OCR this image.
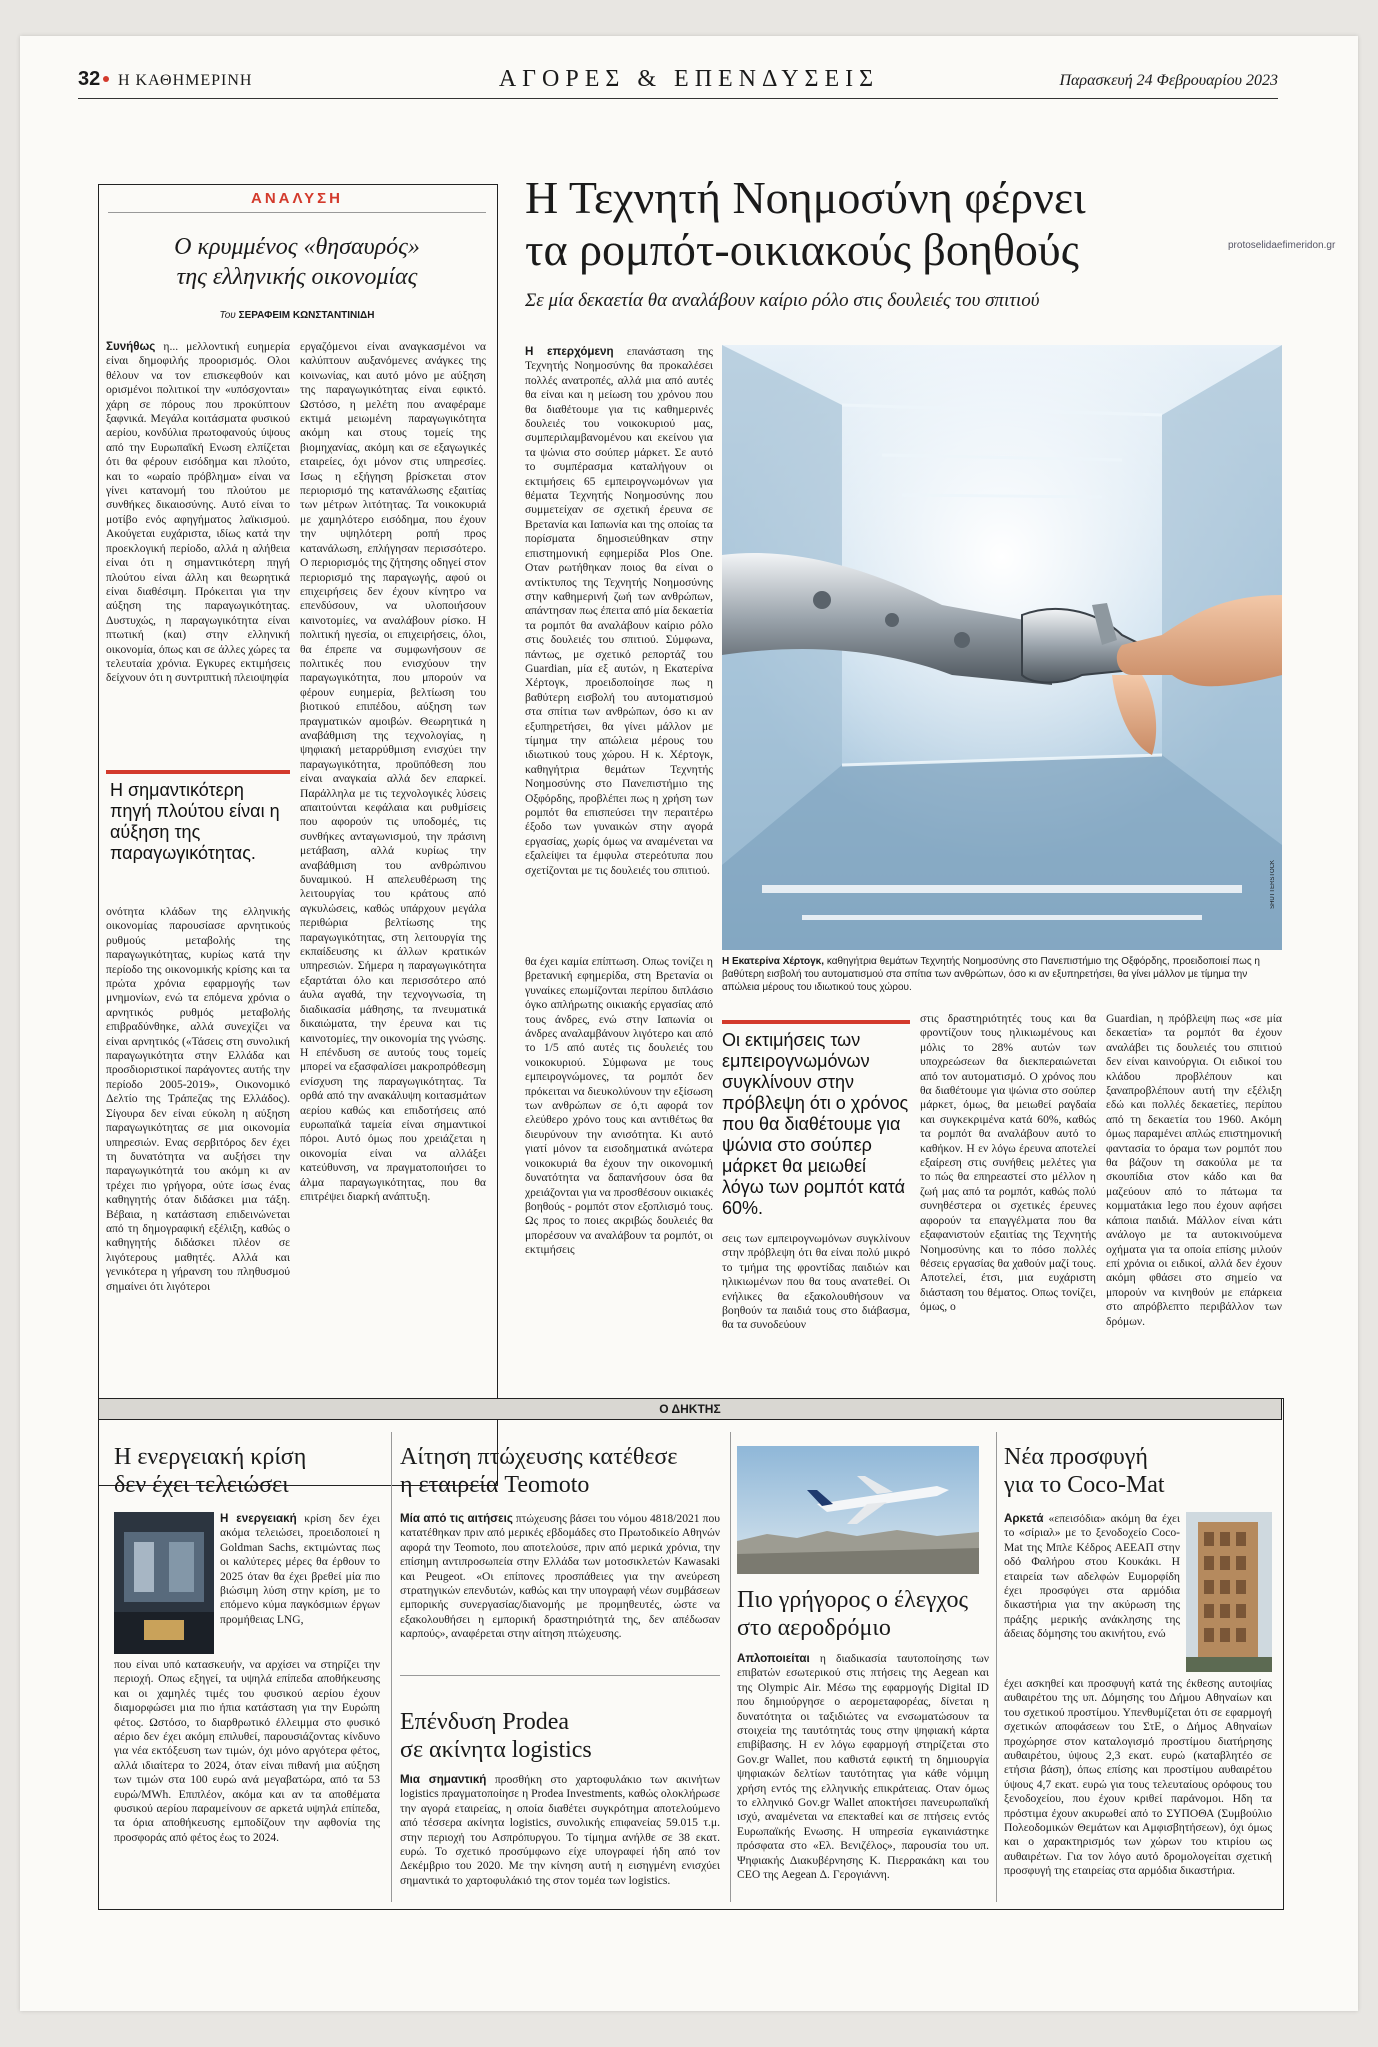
32 Η ΚΑΘΗΜΕΡΙΝΗ	ΑΓΟΡΕΣ & ΕΠΕΝΔΥΣΕΙΣ	Παρασκευή 24 Φεβρουαρίου 2023
ΑΝΑΛΥΣΗ
Ο κρυμμένος «θησαυρός»
της ελληνικής οικονομίας
Του ΣΕΡΑΦΕΙΜ ΚΩΝΣΤΑΝΤΙΝΙΔΗ
Συνήθως η... μελλοντική ευημερία είναι δημοφιλής προορισμός. Ολοι θέλουν να τον επισκεφθούν και ορισμένοι πολιτικοί την «υπόσχονται» χάρη σε πόρους που προκύπτουν ξαφνικά. Μεγάλα κοιτάσματα φυσικού αερίου, κονδύλια πρωτοφανούς ύψους από την Ευρωπαϊκή Ενωση ελπίζεται ότι θα φέρουν εισόδημα και πλούτο, και το «ωραίο πρόβλημα» είναι να γίνει κατανομή του πλούτου με συνθήκες δικαιοσύνης. Αυτό είναι το μοτίβο ενός αφηγήματος λαϊκισμού. Ακούγεται ευχάριστα, ιδίως κατά την προεκλογική περίοδο, αλλά η αλήθεια είναι ότι η σημαντικότερη πηγή πλούτου είναι άλλη και θεωρητικά είναι διαθέσιμη. Πρόκειται για την αύξηση της παραγωγικότητας. Δυστυχώς, η παραγωγικότητα είναι πτωτική (και) στην ελληνική οικονομία, όπως και σε άλλες χώρες τα τελευταία χρόνια. Εγκυρες εκτιμήσεις δείχνουν ότι η συντριπτική πλειοψηφία
Η σημαντικότερη πηγή πλούτου είναι η αύξηση της παραγωγικότητας.
ονότητα κλάδων της ελληνικής οικονομίας παρουσίασε αρνητικούς ρυθμούς μεταβολής της παραγωγικότητας, κυρίως κατά την περίοδο της οικονομικής κρίσης και τα πρώτα χρόνια εφαρμογής των μνημονίων, ενώ τα επόμενα χρόνια ο αρνητικός ρυθμός μεταβολής επιβραδύνθηκε, αλλά συνεχίζει να είναι αρνητικός («Τάσεις στη συνολική παραγωγικότητα στην Ελλάδα και προσδιοριστικοί παράγοντες αυτής την περίοδο 2005-2019», Οικονομικό Δελτίο της Τράπεζας της Ελλάδος). Σίγουρα δεν είναι εύκολη η αύξηση παραγωγικότητας σε μια οικονομία υπηρεσιών. Ενας σερβιτόρος δεν έχει τη δυνατότητα να αυξήσει την παραγωγικότητά του ακόμη κι αν τρέχει πιο γρήγορα, ούτε ίσως ένας καθηγητής όταν διδάσκει μια τάξη. Βέβαια, η κατάσταση επιδεινώνεται από τη δημογραφική εξέλιξη, καθώς ο καθηγητής διδάσκει πλέον σε λιγότερους μαθητές. Αλλά και γενικότερα η γήρανση του πληθυσμού σημαίνει ότι λιγότεροι
εργαζόμενοι είναι αναγκασμένοι να καλύπτουν αυξανόμενες ανάγκες της κοινωνίας, και αυτό μόνο με αύξηση της παραγωγικότητας είναι εφικτό. Ωστόσο, η μελέτη που αναφέραμε εκτιμά μειωμένη παραγωγικότητα ακόμη και στους τομείς της βιομηχανίας, ακόμη και σε εξαγωγικές εταιρείες, όχι μόνον στις υπηρεσίες. Ισως η εξήγηση βρίσκεται στον περιορισμό της κατανάλωσης εξαιτίας των μέτρων λιτότητας. Τα νοικοκυριά με χαμηλότερο εισόδημα, που έχουν την υψηλότερη ροπή προς κατανάλωση, επλήγησαν περισσότερο. Ο περιορισμός της ζήτησης οδηγεί στον περιορισμό της παραγωγής, αφού οι επιχειρήσεις δεν έχουν κίνητρο να επενδύσουν, να υλοποιήσουν καινοτομίες, να αναλάβουν ρίσκο. Η πολιτική ηγεσία, οι επιχειρήσεις, όλοι, θα έπρεπε να συμφωνήσουν σε πολιτικές που ενισχύουν την παραγωγικότητα, που μπορούν να φέρουν ευημερία, βελτίωση του βιοτικού επιπέδου, αύξηση των πραγματικών αμοιβών. Θεωρητικά η αναβάθμιση της τεχνολογίας, η ψηφιακή μεταρρύθμιση ενισχύει την παραγωγικότητα, προϋπόθεση που είναι αναγκαία αλλά δεν επαρκεί. Παράλληλα με τις τεχνολογικές λύσεις απαιτούνται κεφάλαια και ρυθμίσεις που αφορούν τις υποδομές, τις συνθήκες ανταγωνισμού, την πράσινη μετάβαση, αλλά κυρίως την αναβάθμιση του ανθρώπινου δυναμικού. Η απελευθέρωση της λειτουργίας του κράτους από αγκυλώσεις, καθώς υπάρχουν μεγάλα περιθώρια βελτίωσης της παραγωγικότητας, στη λειτουργία της εκπαίδευσης κι άλλων κρατικών υπηρεσιών. Σήμερα η παραγωγικότητα εξαρτάται όλο και περισσότερο από άυλα αγαθά, την τεχνογνωσία, τη διαδικασία μάθησης, τα πνευματικά δικαιώματα, την έρευνα και τις καινοτομίες, την οικονομία της γνώσης. Η επένδυση σε αυτούς τους τομείς μπορεί να εξασφαλίσει μακροπρόθεσμη ενίσχυση της παραγωγικότητας. Τα ορθά από την ανακάλυψη κοιτασμάτων αερίου καθώς και επιδοτήσεις από ευρωπαϊκά ταμεία είναι σημαντικοί πόροι. Αυτό όμως που χρειάζεται η οικονομία είναι να αλλάξει κατεύθυνση, να πραγματοποιήσει το άλμα παραγωγικότητας, που θα επιτρέψει διαρκή ανάπτυξη.
Η Τεχνητή Νοημοσύνη φέρνει
τα ρομπότ-οικιακούς βοηθούς	protoselidaefimeridon.gr
Σε μία δεκαετία θα αναλάβουν καίριο ρόλο στις δουλειές του σπιτιού
Η επερχόμενη επανάσταση της Τεχνητής Νοημοσύνης θα προκαλέσει πολλές ανατροπές, αλλά μια από αυτές θα είναι και η μείωση του χρόνου που θα διαθέτουμε για τις καθημερινές δουλειές του νοικοκυριού μας, συμπεριλαμβανομένου και εκείνου για τα ψώνια στο σούπερ μάρκετ. Σε αυτό το συμπέρασμα καταλήγουν οι εκτιμήσεις 65 εμπειρογνωμόνων για θέματα Τεχνητής Νοημοσύνης που συμμετείχαν σε σχετική έρευνα σε Βρετανία και Ιαπωνία και της οποίας τα πορίσματα δημοσιεύθηκαν στην επιστημονική εφημερίδα Plos One. Οταν ρωτήθηκαν ποιος θα είναι ο αντίκτυπος της Τεχνητής Νοημοσύνης στην καθημερινή ζωή των ανθρώπων, απάντησαν πως έπειτα από μία δεκαετία τα ρομπότ θα αναλάβουν καίριο ρόλο στις δουλειές του σπιτιού. Σύμφωνα, πάντως, με σχετικό ρεπορτάζ του Guardian, μία εξ αυτών, η Εκατερίνα Χέρτογκ, προειδοποίησε πως η βαθύτερη εισβολή του αυτοματισμού στα σπίτια των ανθρώπων, όσο κι αν εξυπηρετήσει, θα γίνει μάλλον με τίμημα την απώλεια μέρους του ιδιωτικού τους χώρου. Η κ. Χέρτογκ, καθηγήτρια θεμάτων Τεχνητής Νοημοσύνης στο Πανεπιστήμιο της Οξφόρδης, προβλέπει πως η χρήση των ρομπότ θα επισπεύσει την περαιτέρω έξοδο των γυναικών στην αγορά εργασίας, χωρίς όμως να αναμένεται να εξαλείψει τα έμφυλα στερεότυπα που σχετίζονται με τις δουλειές του σπιτιού.
θα έχει καμία επίπτωση. Οπως τονίζει η βρετανική εφημερίδα, στη Βρετανία οι γυναίκες επωμίζονται περίπου διπλάσιο όγκο απλήρωτης οικιακής εργασίας από τους άνδρες, ενώ στην Ιαπωνία οι άνδρες αναλαμβάνουν λιγότερο και από το 1/5 από αυτές τις δουλειές του νοικοκυριού. Σύμφωνα με τους εμπειρογνώμονες, τα ρομπότ δεν πρόκειται να διευκολύνουν την εξίσωση των ανθρώπων σε ό,τι αφορά τον ελεύθερο χρόνο τους και αντιθέτως θα διευρύνουν την ανισότητα. Κι αυτό γιατί μόνον τα εισοδηματικά ανώτερα νοικοκυριά θα έχουν την οικονομική δυνατότητα να δαπανήσουν όσα θα χρειάζονται για να προσθέσουν οικιακές βοηθούς - ρομπότ στον εξοπλισμό τους. Ως προς το ποιες ακριβώς δουλειές θα μπορέσουν να αναλάβουν τα ρομπότ, οι εκτιμήσεις
SHUTTERSTOCK
Η Εκατερίνα Χέρτογκ, καθηγήτρια θεμάτων Τεχνητής Νοημοσύνης στο Πανεπιστήμιο της Οξφόρδης, προειδοποιεί πως η βαθύτερη εισβολή του αυτοματισμού στα σπίτια των ανθρώπων, όσο κι αν εξυπηρετήσει, θα γίνει μάλλον με τίμημα την απώλεια μέρους του ιδιωτικού τους χώρου.
Οι εκτιμήσεις των εμπειρογνωμόνων συγκλίνουν στην πρόβλεψη ότι ο χρόνος που θα διαθέτουμε για ψώνια στο σούπερ μάρκετ θα μειωθεί λόγω των ρομπότ κατά 60%.
σεις των εμπειρογνωμόνων συγκλίνουν στην πρόβλεψη ότι θα είναι πολύ μικρό το τμήμα της φροντίδας παιδιών και ηλικιωμένων που θα τους ανατεθεί. Οι ενήλικες θα εξακολουθήσουν να βοηθούν τα παιδιά τους στο διάβασμα, θα τα συνοδεύουν
στις δραστηριότητές τους και θα φροντίζουν τους ηλικιωμένους και μόλις το 28% αυτών των υποχρεώσεων θα διεκπεραιώνεται από τον αυτοματισμό. Ο χρόνος που θα διαθέτουμε για ψώνια στο σούπερ μάρκετ, όμως, θα μειωθεί ραγδαία και συγκεκριμένα κατά 60%, καθώς τα ρομπότ θα αναλάβουν αυτό το καθήκον. Η εν λόγω έρευνα αποτελεί εξαίρεση στις συνήθεις μελέτες για το πώς θα επηρεαστεί στο μέλλον η ζωή μας από τα ρομπότ, καθώς πολύ συνηθέστερα οι σχετικές έρευνες αφορούν τα επαγγέλματα που θα εξαφανιστούν εξαιτίας της Τεχνητής Νοημοσύνης και το πόσο πολλές θέσεις εργασίας θα χαθούν μαζί τους. Αποτελεί, έτσι, μια ευχάριστη διάσταση του θέματος. Οπως τονίζει, όμως, ο
Guardian, η πρόβλεψη πως «σε μία δεκαετία» τα ρομπότ θα έχουν αναλάβει τις δουλειές του σπιτιού δεν είναι καινούργια. Οι ειδικοί του κλάδου προβλέπουν και ξαναπροβλέπουν αυτή την εξέλιξη εδώ και πολλές δεκαετίες, περίπου από τη δεκαετία του 1960. Ακόμη όμως παραμένει απλώς επιστημονική φαντασία το όραμα των ρομπότ που θα βάζουν τη σακούλα με τα σκουπίδια στον κάδο και θα μαζεύουν από το πάτωμα τα κομματάκια lego που έχουν αφήσει κάποια παιδιά. Μάλλον είναι κάτι ανάλογο με τα αυτοκινούμενα οχήματα για τα οποία επίσης μιλούν επί χρόνια οι ειδικοί, αλλά δεν έχουν ακόμη φθάσει στο σημείο να μπορούν να κινηθούν με επάρκεια στο απρόβλεπτο περιβάλλον των δρόμων.
Ο ΔΗΚΤΗΣ
Η ενεργειακή κρίση
δεν έχει τελειώσει
Η ενεργειακή κρίση δεν έχει ακόμα τελειώσει, προειδοποιεί η Goldman Sachs, εκτιμώντας πως οι καλύτερες μέρες θα έρθουν το 2025 όταν θα έχει βρεθεί μία πιο βιώσιμη λύση στην κρίση, με το επόμενο κύμα παγκόσμιων έργων προμήθειας LNG,
που είναι υπό κατασκευήν, να αρχίσει να στηρίζει την περιοχή. Οπως εξηγεί, τα υψηλά επίπεδα αποθήκευσης και οι χαμηλές τιμές του φυσικού αερίου έχουν διαμορφώσει μια πιο ήπια κατάσταση για την Ευρώπη φέτος. Ωστόσο, το διαρθρωτικό έλλειμμα στο φυσικό αέριο δεν έχει ακόμη επιλυθεί, παρουσιάζοντας κίνδυνο για νέα εκτόξευση των τιμών, όχι μόνο αργότερα φέτος, αλλά ιδιαίτερα το 2024, όταν είναι πιθανή μια αύξηση των τιμών στα 100 ευρώ ανά μεγαβατώρα, από τα 53 ευρώ/MWh. Επιπλέον, ακόμα και αν τα αποθέματα φυσικού αερίου παραμείνουν σε αρκετά υψηλά επίπεδα, τα όρια αποθήκευσης εμποδίζουν την αφθονία της προσφοράς από φέτος έως το 2024.
Αίτηση πτώχευσης κατέθεσε
η εταιρεία Teomoto
Μία από τις αιτήσεις πτώχευσης βάσει του νόμου 4818/2021 που κατατέθηκαν πριν από μερικές εβδομάδες στο Πρωτοδικείο Αθηνών αφορά την Teomoto, που αποτελούσε, πριν από μερικά χρόνια, την επίσημη αντιπροσωπεία στην Ελλάδα των μοτοσικλετών Kawasaki και Peugeot. «Οι επίπονες προσπάθειες για την ανεύρεση στρατηγικών επενδυτών, καθώς και την υπογραφή νέων συμβάσεων εμπορικής συνεργασίας/διανομής με προμηθευτές, ώστε να εξακολουθήσει η εμπορική δραστηριότητά της, δεν απέδωσαν καρπούς», αναφέρεται στην αίτηση πτώχευσης.
Επένδυση Prodea
σε ακίνητα logistics
Μια σημαντική προσθήκη στο χαρτοφυλάκιο των ακινήτων logistics πραγματοποίησε η Prodea Investments, καθώς ολοκλήρωσε την αγορά εταιρείας, η οποία διαθέτει συγκρότημα αποτελούμενο από τέσσερα ακίνητα logistics, συνολικής επιφανείας 59.015 τ.μ. στην περιοχή του Ασπρόπυργου. Το τίμημα ανήλθε σε 38 εκατ. ευρώ. Το σχετικό προσύμφωνο είχε υπογραφεί ήδη από τον Δεκέμβριο του 2020. Με την κίνηση αυτή η εισηγμένη ενισχύει σημαντικά το χαρτοφυλάκιό της στον τομέα των logistics.
Πιο γρήγορος ο έλεγχος
στο αεροδρόμιο
Απλοποιείται η διαδικασία ταυτοποίησης των επιβατών εσωτερικού στις πτήσεις της Aegean και της Olympic Air. Μέσω της εφαρμογής Digital ID που δημιούργησε ο αερομεταφορέας, δίνεται η δυνατότητα οι ταξιδιώτες να ενσωματώσουν τα στοιχεία της ταυτότητάς τους στην ψηφιακή κάρτα επιβίβασης. Η εν λόγω εφαρμογή στηρίζεται στο Gov.gr Wallet, που καθιστά εφικτή τη δημιουργία ψηφιακών δελτίων ταυτότητας για κάθε νόμιμη χρήση εντός της ελληνικής επικράτειας. Οταν όμως το ελληνικό Gov.gr Wallet αποκτήσει πανευρωπαϊκή ισχύ, αναμένεται να επεκταθεί και σε πτήσεις εντός Ευρωπαϊκής Ενωσης. Η υπηρεσία εγκαινιάστηκε πρόσφατα στο «Ελ. Βενιζέλος», παρουσία του υπ. Ψηφιακής Διακυβέρνησης Κ. Πιερρακάκη και του CEO της Aegean Δ. Γερογιάννη.
Νέα προσφυγή
για το Coco-Mat
Αρκετά «επεισόδια» ακόμη θα έχει το «σίριαλ» με το ξενοδοχείο Coco-Mat της Μπλε Κέδρος ΑΕΕΑΠ στην οδό Φαλήρου στου Κουκάκι. Η εταιρεία των αδελφών Ευμορφίδη έχει προσφύγει στα αρμόδια δικαστήρια για την ακύρωση της πράξης μερικής ανάκλησης της άδειας δόμησης του ακινήτου, ενώ
έχει ασκηθεί και προσφυγή κατά της έκθεσης αυτοψίας αυθαιρέτου της υπ. Δόμησης του Δήμου Αθηναίων και του σχετικού προστίμου. Υπενθυμίζεται ότι σε εφαρμογή σχετικών αποφάσεων του ΣτΕ, ο Δήμος Αθηναίων προχώρησε στον καταλογισμό προστίμου διατήρησης αυθαιρέτου, ύψους 2,3 εκατ. ευρώ (καταβλητέο σε ετήσια βάση), όπως επίσης και προστίμου αυθαιρέτου ύψους 4,7 εκατ. ευρώ για τους τελευταίους ορόφους του ξενοδοχείου, που έχουν κριθεί παράνομοι. Ηδη τα πρόστιμα έχουν ακυρωθεί από το ΣΥΠΟΘΑ (Συμβούλιο Πολεοδομικών Θεμάτων και Αμφισβητήσεων), όχι όμως και ο χαρακτηρισμός των χώρων του κτιρίου ως αυθαιρέτων. Για τον λόγο αυτό δρομολογείται σχετική προσφυγή της εταιρείας στα αρμόδια δικαστήρια.
